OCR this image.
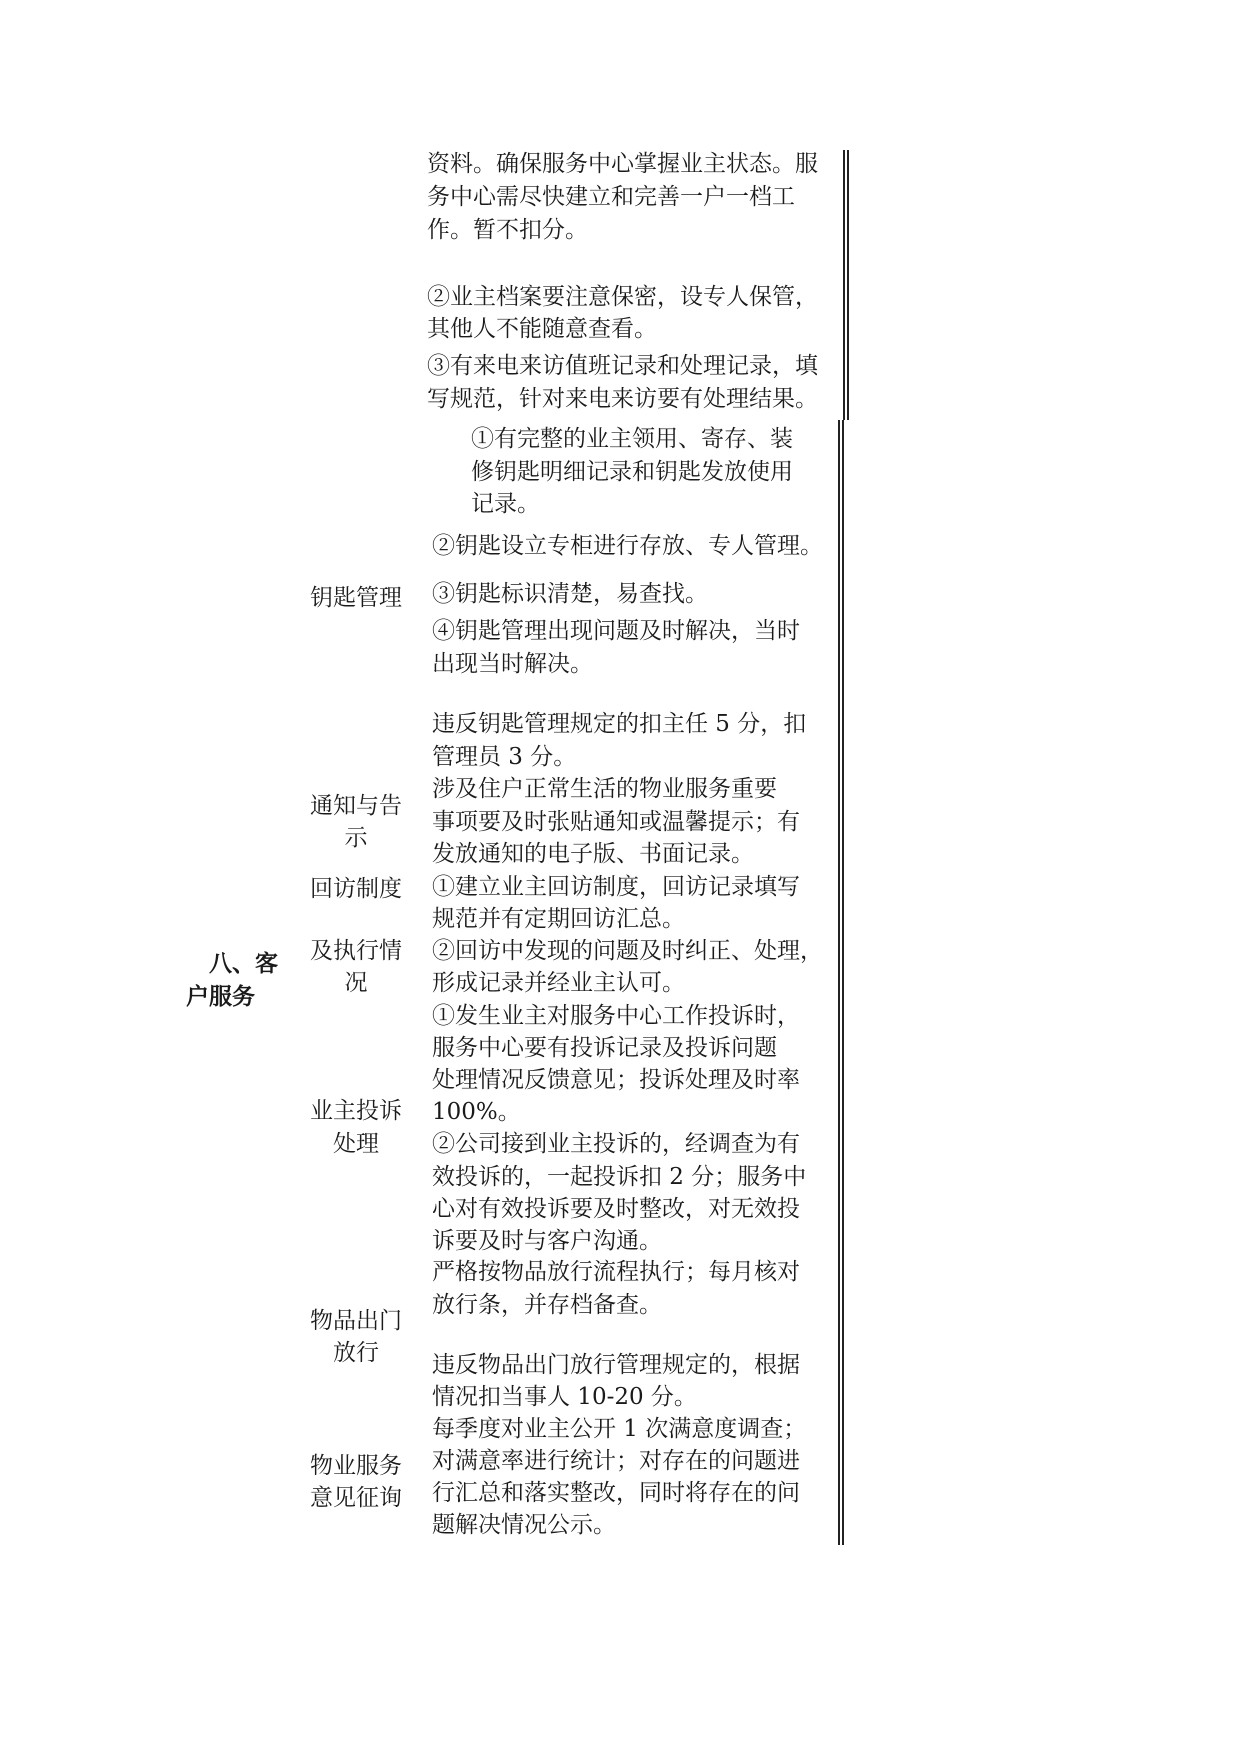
资料。确保服务中心掌握业主状态。服
务中心需尽快建立和完善一户一档工
作。暂不扣分。
②业主档案要注意保密，设专人保管，
其他人不能随意查看。
③有来电来访值班记录和处理记录，填
写规范，针对来电来访要有处理结果。
八、客
户服务
钥匙管理
通知与告
示
回访制度
及执行情
况
业主投诉
处理
物品出门
放行
物业服务
意见征询
①有完整的业主领用、寄存、装
修钥匙明细记录和钥匙发放使用
记录。
②钥匙设立专柜进行存放、专人管理。
③钥匙标识清楚，易查找。
④钥匙管理出现问题及时解决，当时
出现当时解决。
违反钥匙管理规定的扣主任 5 分，扣
管理员 3 分。
涉及住户正常生活的物业服务重要
事项要及时张贴通知或温馨提示；有
发放通知的电子版、书面记录。
①建立业主回访制度，回访记录填写
规范并有定期回访汇总。
②回访中发现的问题及时纠正、处理，
形成记录并经业主认可。
①发生业主对服务中心工作投诉时，
服务中心要有投诉记录及投诉问题
处理情况反馈意见；投诉处理及时率
100%。
②公司接到业主投诉的，经调查为有
效投诉的，一起投诉扣 2 分；服务中
心对有效投诉要及时整改，对无效投
诉要及时与客户沟通。
严格按物品放行流程执行；每月核对
放行条，并存档备查。
违反物品出门放行管理规定的，根据
情况扣当事人 10-20 分。
每季度对业主公开 1 次满意度调查；
对满意率进行统计；对存在的问题进
行汇总和落实整改，同时将存在的问
题解决情况公示。
